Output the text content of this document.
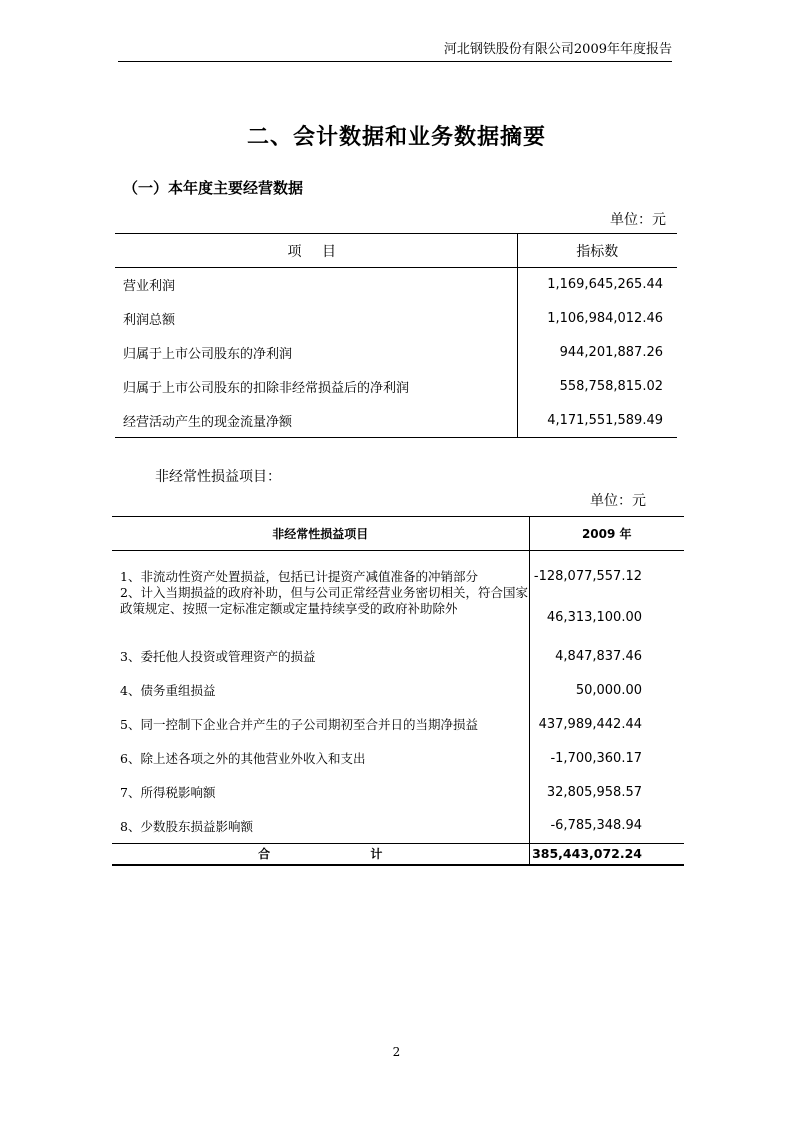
河北钢铁股份有限公司2009年年度报告
二、会计数据和业务数据摘要
（一）本年度主要经营数据
单位：元
项 目	指标数
营业利润	1,169,645,265.44
利润总额	1,106,984,012.46
归属于上市公司股东的净利润	944,201,887.26
归属于上市公司股东的扣除非经常损益后的净利润	558,758,815.02
经营活动产生的现金流量净额	4,171,551,589.49
非经常性损益项目：
单位：元
非经常性损益项目	2009 年
1、非流动性资产处置损益，包括已计提资产减值准备的冲销部分	-128,077,557.12

2、计入当期损益的政府补助，但与公司正常经营业务密切相关，符合国家政策规定、按照一定标准定额或定量持续享受的政府补助除外	46,313,100.00
3、委托他人投资或管理资产的损益	4,847,837.46
4、债务重组损益	50,000.00
5、同一控制下企业合并产生的子公司期初至合并日的当期净损益	437,989,442.44
6、除上述各项之外的其他营业外收入和支出	-1,700,360.17
7、所得税影响额	32,805,958.57
8、少数股东损益影响额	-6,785,348.94
合 计	385,443,072.24
2
